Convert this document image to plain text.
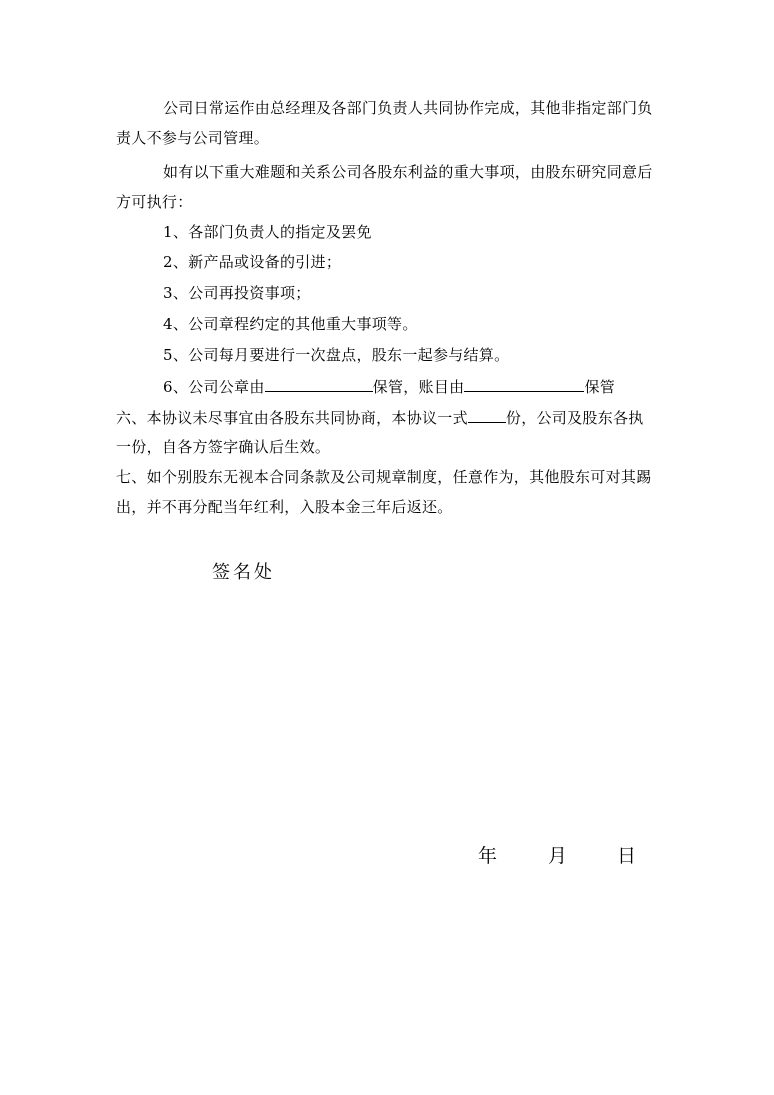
公司日常运作由总经理及各部门负责人共同协作完成，其他非指定部门负
责人不参与公司管理。
如有以下重大难题和关系公司各股东利益的重大事项，由股东研究同意后
方可执行：
1、各部门负责人的指定及罢免
2、新产品或设备的引进；
3、公司再投资事项；
4、公司章程约定的其他重大事项等。
5、公司每月要进行一次盘点，股东一起参与结算。
6、公司公章由	保管，账目由	保管
六、本协议未尽事宜由各股东共同协商，本协议一式	份，公司及股东各执
一份，自各方签字确认后生效。
七、如个别股东无视本合同条款及公司规章制度，任意作为，其他股东可对其踢
出，并不再分配当年红利，入股本金三年后返还。
签名处
年	月	日
